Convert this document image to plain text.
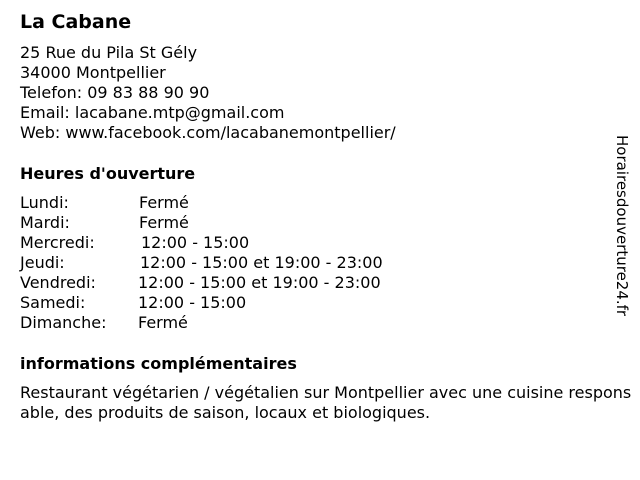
La Cabane
25 Rue du Pila St Gély
34000 Montpellier
Telefon: 09 83 88 90 90
Email: lacabane.mtp@gmail.com
Web: www.facebook.com/lacabanemontpellier/
Heures d'ouverture
Lundi:	Fermé
Mardi:	Fermé
Mercredi:	12:00 - 15:00
Jeudi:	12:00 - 15:00 et 19:00 - 23:00
Vendredi:	12:00 - 15:00 et 19:00 - 23:00
Samedi:	12:00 - 15:00
Dimanche:	Fermé
informations complémentaires
Restaurant végétarien / végétalien sur Montpellier avec une cuisine responsable, des produits de saison, locaux et biologiques.
Horairesdouverture24.fr
